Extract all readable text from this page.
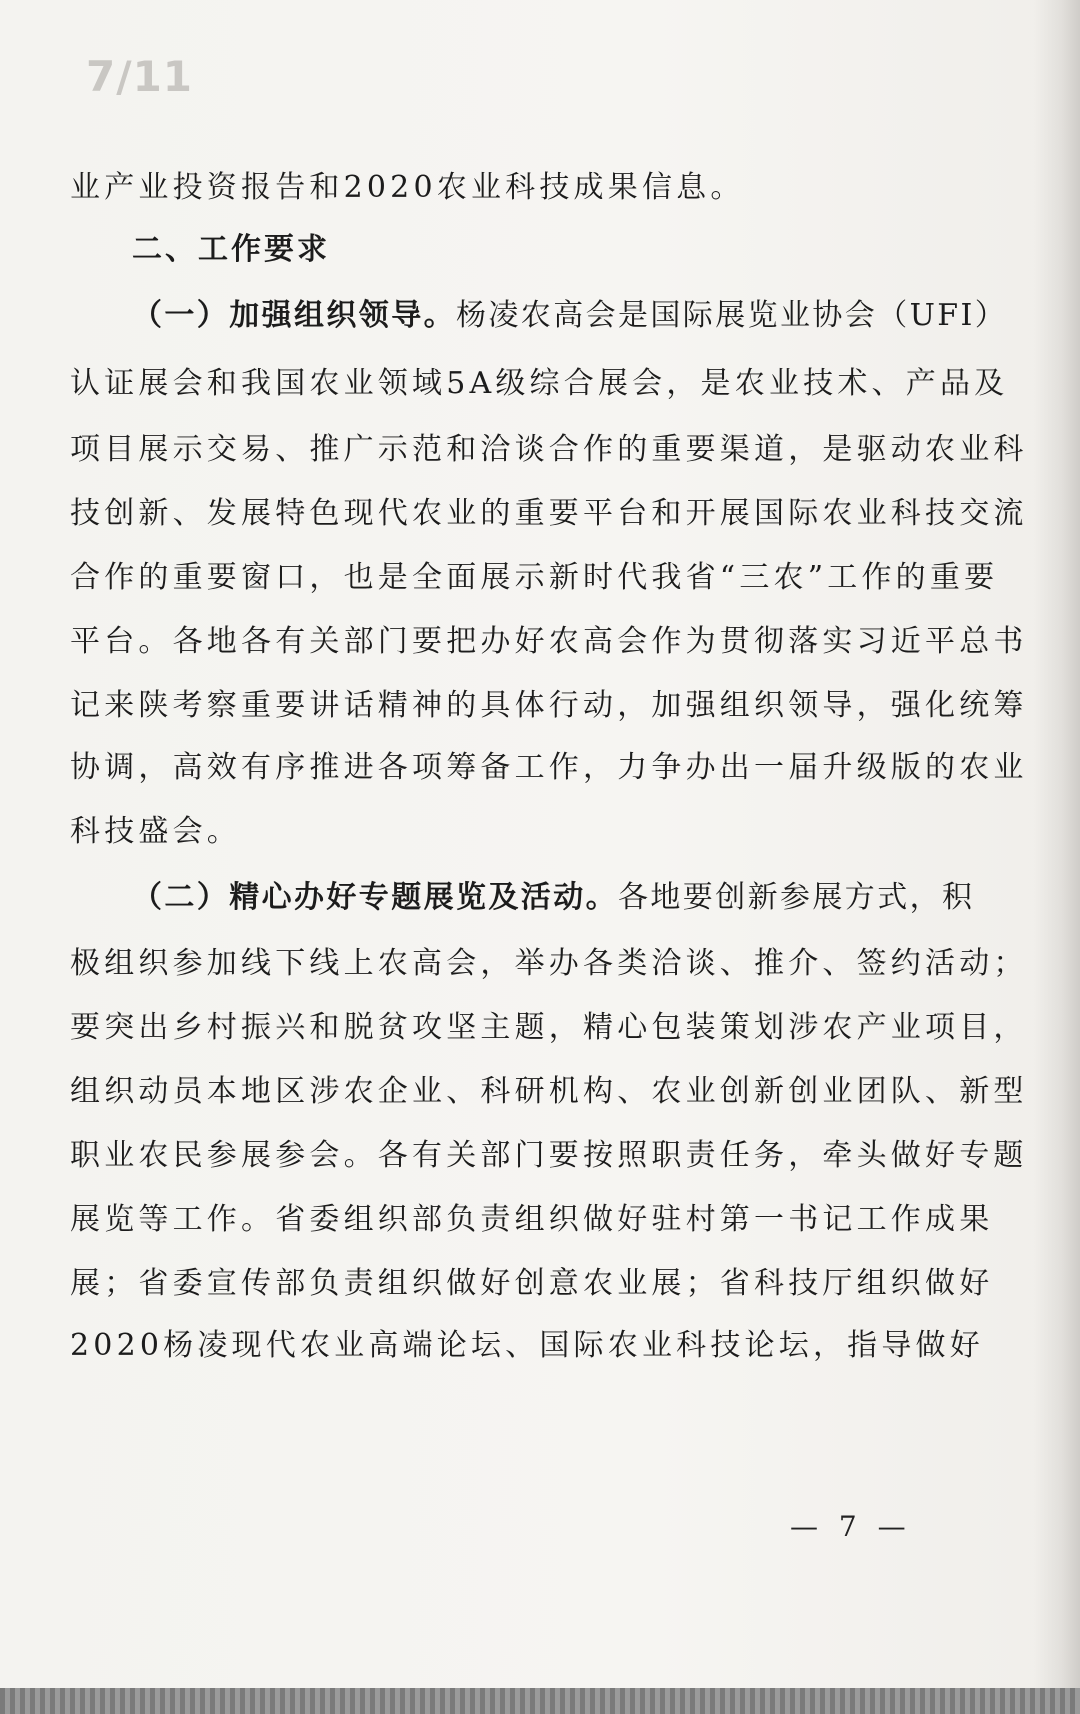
7/11
业产业投资报告和2020农业科技成果信息。
二、工作要求
（一）加强组织领导。杨凌农高会是国际展览业协会（UFI）
认证展会和我国农业领域5A级综合展会，是农业技术、产品及
项目展示交易、推广示范和洽谈合作的重要渠道，是驱动农业科
技创新、发展特色现代农业的重要平台和开展国际农业科技交流
合作的重要窗口，也是全面展示新时代我省“三农”工作的重要
平台。各地各有关部门要把办好农高会作为贯彻落实习近平总书
记来陕考察重要讲话精神的具体行动，加强组织领导，强化统筹
协调，高效有序推进各项筹备工作，力争办出一届升级版的农业
科技盛会。
（二）精心办好专题展览及活动。各地要创新参展方式，积
极组织参加线下线上农高会，举办各类洽谈、推介、签约活动；
要突出乡村振兴和脱贫攻坚主题，精心包装策划涉农产业项目，
组织动员本地区涉农企业、科研机构、农业创新创业团队、新型
职业农民参展参会。各有关部门要按照职责任务，牵头做好专题
展览等工作。省委组织部负责组织做好驻村第一书记工作成果
展；省委宣传部负责组织做好创意农业展；省科技厅组织做好
2020杨凌现代农业高端论坛、国际农业科技论坛，指导做好
— 7 —
